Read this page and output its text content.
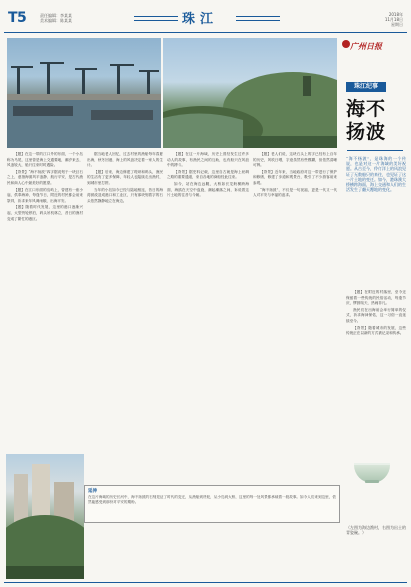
T5	责任编辑：李某某
美术编辑：陈某某	珠江	2018年
11月18日
星期日
广州日报
珠江纪事
海不扬波
“海不扬波”，是珠海的一个传说，也是对这一片海域的美好祝愿。从古至今，伶仃洋上的风浪见证了无数船只的来往，也见证了这一片土地的变迁。如今，港珠澳大桥横跨海面，海上交通和人们的生活发生了翻天覆地的变化。

【题】在这一带的江口外的东面，一个小岛称为马尾，这里曾是海上交通要地，潮汐来去，风浪较大，船只往来时时遇险。

【背景】“海不扬波”四字据说刻于一块巨石之上，意指海面风平浪静、航行平安，是古代渔民和商人心中最美好的愿望。

【题】在江口东面的岛屿上，曾建有一座小庙，供奉海神，每逢节日，附近的村民都会前来祭拜，祈求来年风调雨顺，出海平安。

【题】随着时代发展，这里的港口逐渐兴起，大型货轮停泊，码头吊机林立，昔日的渔村变成了繁忙的港区。

据当地老人回忆，过去村里的渔船每年春夏出海，秋冬回港，海上的风浪决定着一家人的生计。

【题】后来，海边修建了堤坝和码头，渔民的生活有了更多保障，年轻人也陆续走出渔村，到城市里打拼。

当年的小岛如今已经与陆地相连，昔日的海湾被改造成港口和工业区，只有那块刻着字的石头依然静静地立在海边。

【题】在这一片海域，历史上曾经发生过许多动人的故事，有渔民之间的互助，也有船只在风浪中的搏斗。

【背景】据史料记载，这里自古就是海上丝绸之路的重要通道，来自各地的商船经此往来。

如今，站在海边远眺，大桥如长龙般横跨海面，海鸥在天空中盘旋，潮起潮落之间，诉说着这片土地的往昔与今朝。

【题】老人们说，这块石头上的字已经有上百年的历史，风吹日晒，字迹虽然有些模糊，但依然清晰可辨。

【背景】近年来，当地政府对这一带进行了保护和修缮，修建了步道和观景台，吸引了不少游客前来参观。

“海不扬波”，不仅是一句祝福，更是一代又一代人对平安与幸福的追求。

【题】在附近的村落里，至今还保留着一些传统的民俗活动，每逢节庆，锣鼓喧天，热闹非凡。

渔民们在出海前会举行简单的仪式，祈求海神保佑，这一习俗一直延续至今。

【背景】随着城市的发展，这些传统正在以新的方式被记录和传承。

延伸
在这片海域的历史长河中，海不扬波的石刻见证了时代的变迁，从渔船到货轮，从小岛到大桥，这里的每一处风景都承载着一段故事。如今人们来到这里，依然能感受到那份对平安的期盼。
（左图为海边渔村，右图为出土的青瓷碗。）
